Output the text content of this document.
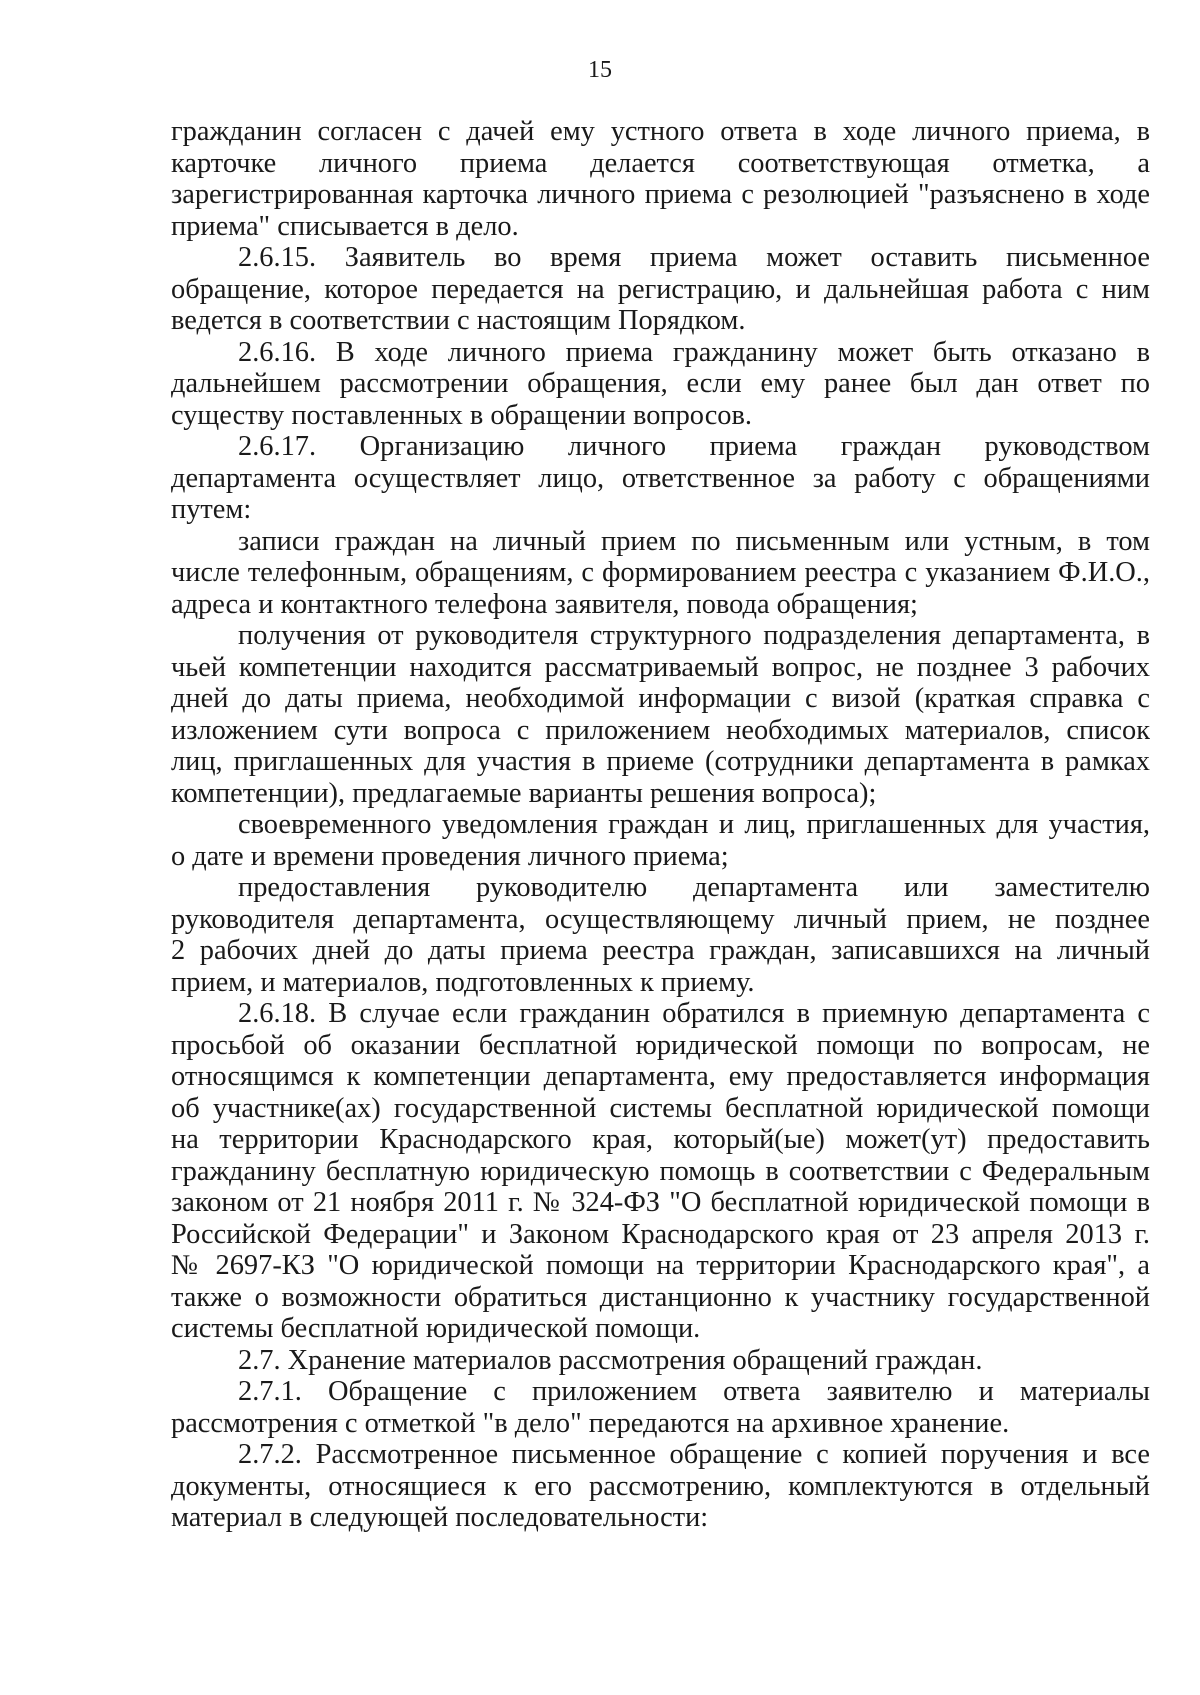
15
гражданин согласен с дачей ему устного ответа в ходе личного приема, в
карточке личного приема делается соответствующая отметка, а
зарегистрированная карточка личного приема с резолюцией "разъяснено в ходе
приема" списывается в дело.
2.6.15. Заявитель во время приема может оставить письменное
обращение, которое передается на регистрацию, и дальнейшая работа с ним
ведется в соответствии с настоящим Порядком.
2.6.16. В ходе личного приема гражданину может быть отказано в
дальнейшем рассмотрении обращения, если ему ранее был дан ответ по
существу поставленных в обращении вопросов.
2.6.17. Организацию личного приема граждан руководством
департамента осуществляет лицо, ответственное за работу с обращениями
путем:
записи граждан на личный прием по письменным или устным, в том
числе телефонным, обращениям, с формированием реестра с указанием Ф.И.О.,
адреса и контактного телефона заявителя, повода обращения;
получения от руководителя структурного подразделения департамента, в
чьей компетенции находится рассматриваемый вопрос, не позднее 3 рабочих
дней до даты приема, необходимой информации с визой (краткая справка с
изложением сути вопроса с приложением необходимых материалов, список
лиц, приглашенных для участия в приеме (сотрудники департамента в рамках
компетенции), предлагаемые варианты решения вопроса);
своевременного уведомления граждан и лиц, приглашенных для участия,
о дате и времени проведения личного приема;
предоставления руководителю департамента или заместителю
руководителя департамента, осуществляющему личный прием, не позднее
2 рабочих дней до даты приема реестра граждан, записавшихся на личный
прием, и материалов, подготовленных к приему.
2.6.18. В случае если гражданин обратился в приемную департамента с
просьбой об оказании бесплатной юридической помощи по вопросам, не
относящимся к компетенции департамента, ему предоставляется информация
об участнике(ах) государственной системы бесплатной юридической помощи
на территории Краснодарского края, который(ые) может(ут) предоставить
гражданину бесплатную юридическую помощь в соответствии с Федеральным
законом от 21 ноября 2011 г. № 324-ФЗ "О бесплатной юридической помощи в
Российской Федерации" и Законом Краснодарского края от 23 апреля 2013 г.
№ 2697-КЗ "О юридической помощи на территории Краснодарского края", а
также о возможности обратиться дистанционно к участнику государственной
системы бесплатной юридической помощи.
2.7. Хранение материалов рассмотрения обращений граждан.
2.7.1. Обращение с приложением ответа заявителю и материалы
рассмотрения с отметкой "в дело" передаются на архивное хранение.
2.7.2. Рассмотренное письменное обращение с копией поручения и все
документы, относящиеся к его рассмотрению, комплектуются в отдельный
материал в следующей последовательности:
